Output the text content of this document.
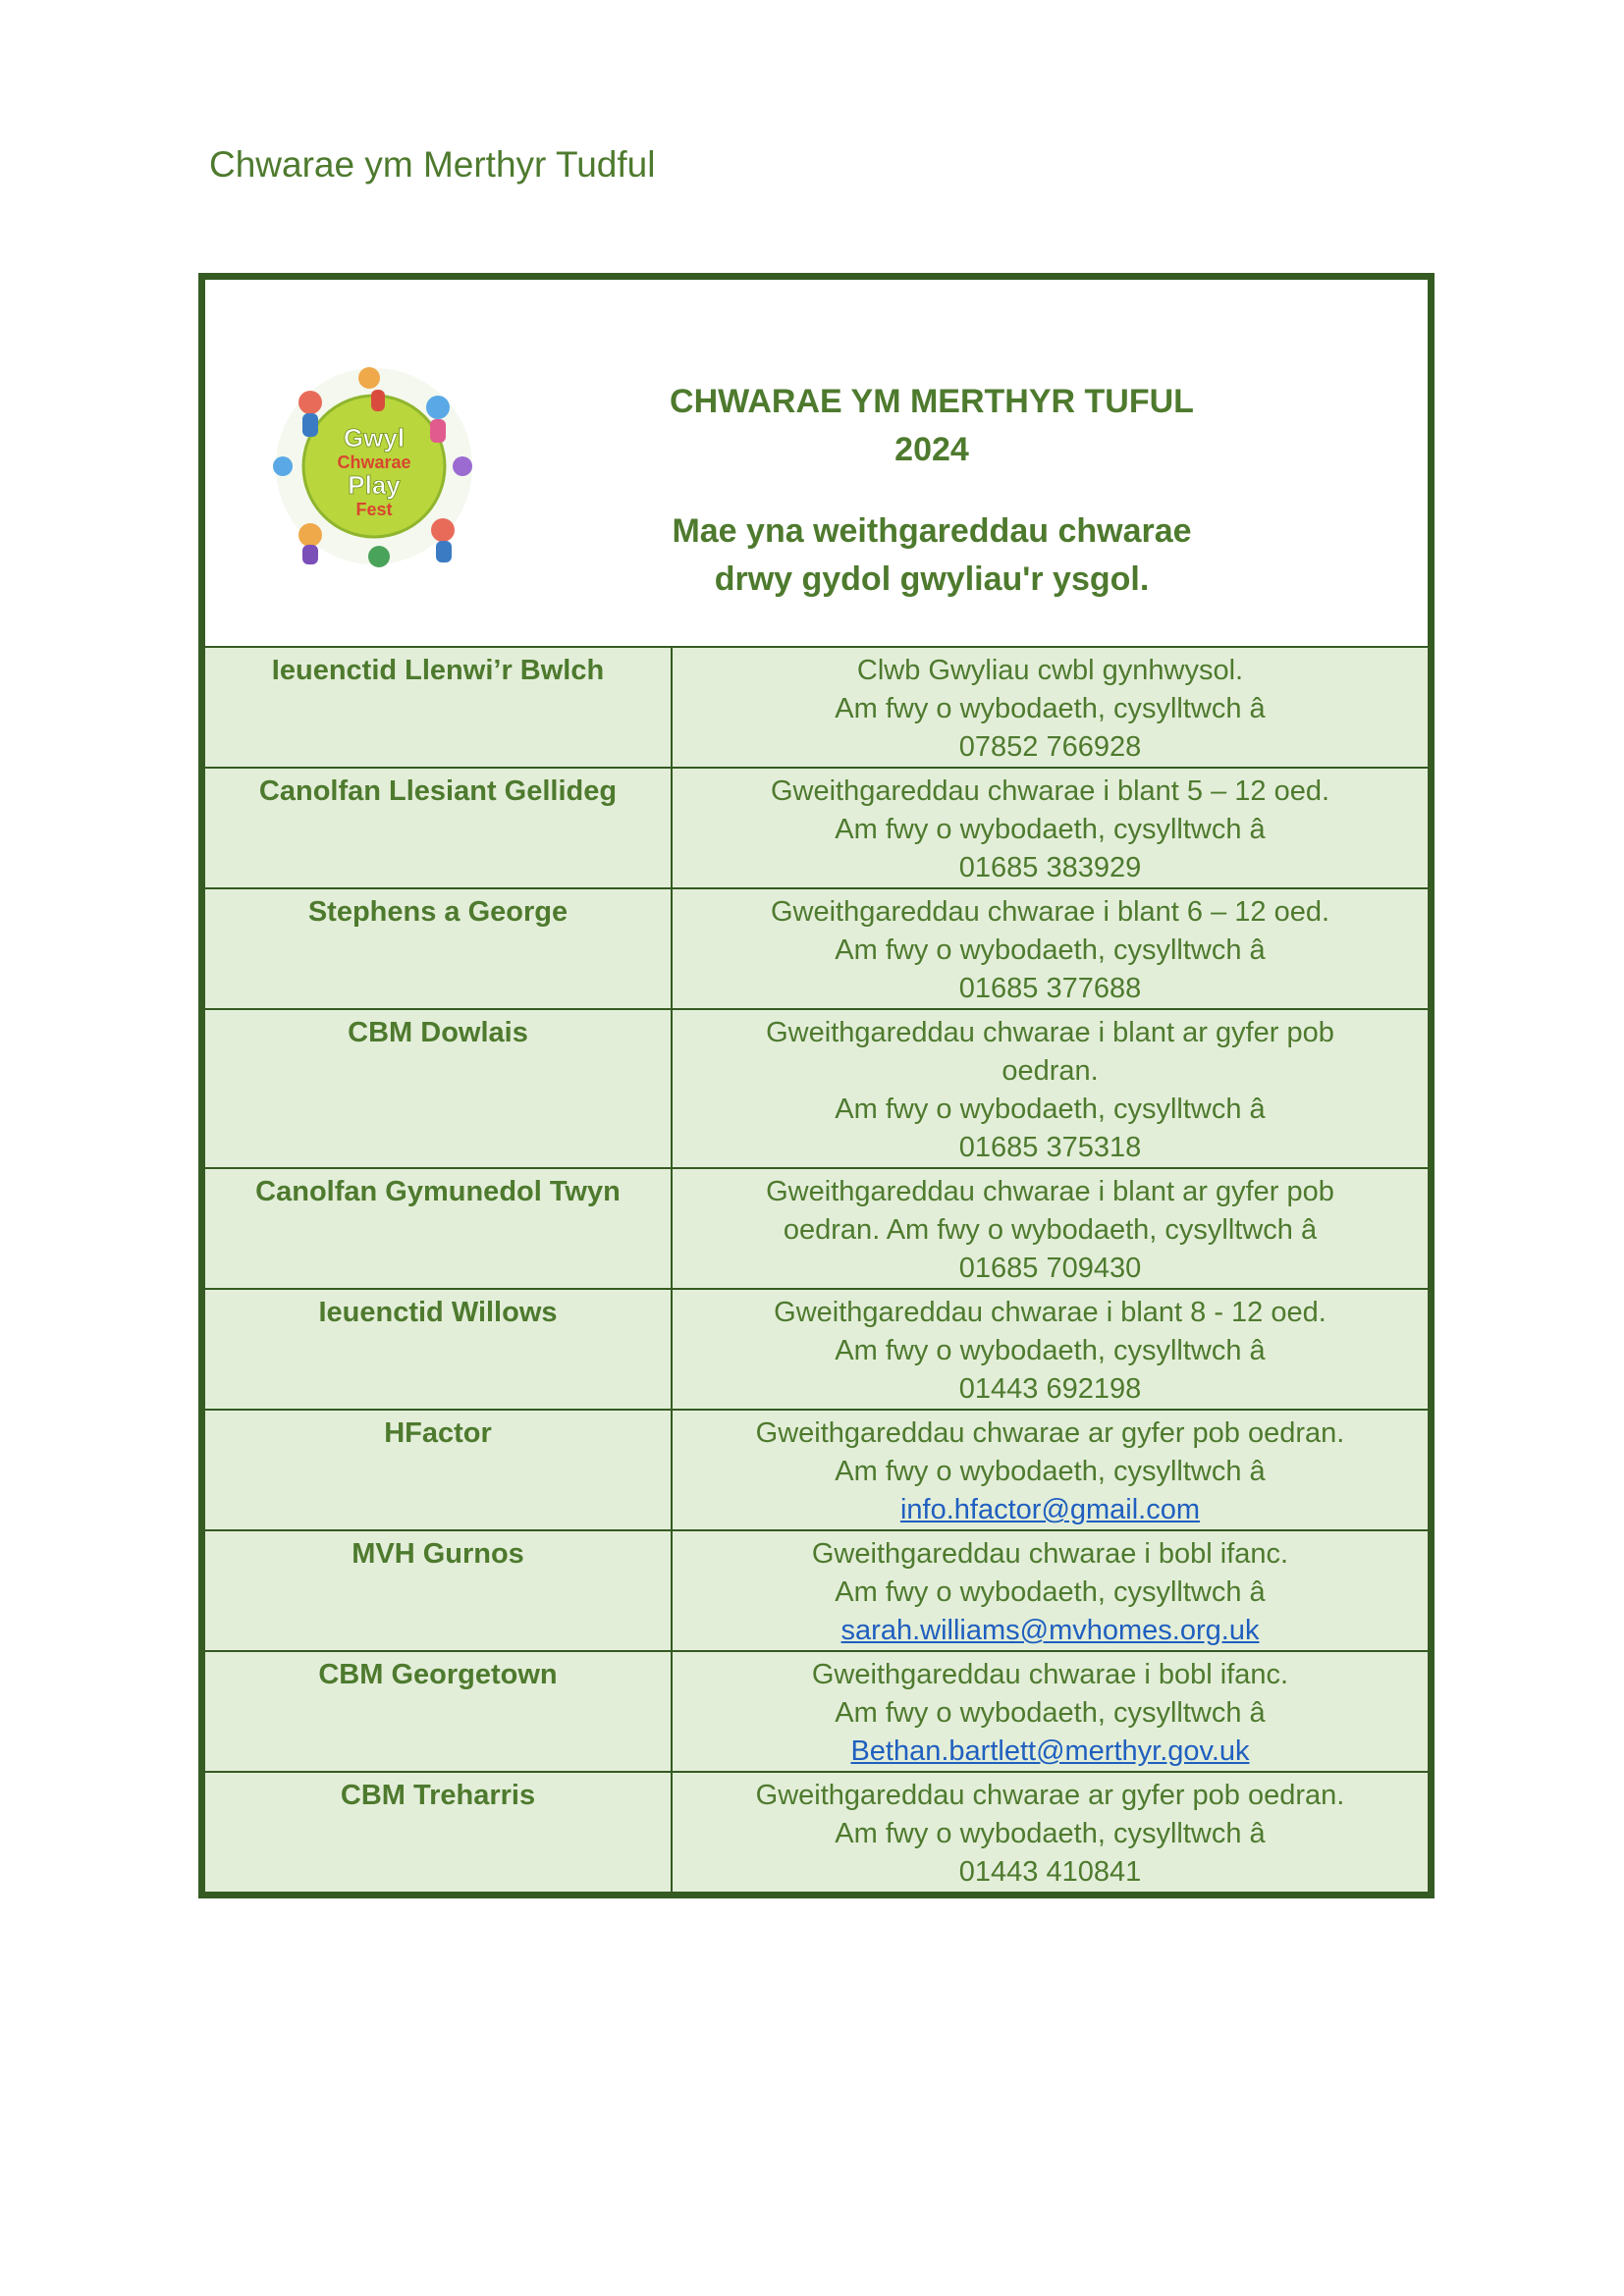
Chwarae ym Merthyr Tudful
Gwyl
Chwarae
Play
Fest

CHWARAE YM MERTHYR TUFUL
2024

Mae yna weithgareddau chwarae
drwy gydol gwyliau'r ysgol.

Ieuenctid Llenwi’r Bwlch	Clwb Gwyliau cwbl gynhwysol.
Am fwy o wybodaeth, cysylltwch â
07852 766928

Canolfan Llesiant Gellideg	Gweithgareddau chwarae i blant 5 – 12 oed.
Am fwy o wybodaeth, cysylltwch â
01685 383929

Stephens a George	Gweithgareddau chwarae i blant 6 – 12 oed.
Am fwy o wybodaeth, cysylltwch â
01685 377688

CBM Dowlais	Gweithgareddau chwarae i blant ar gyfer pob
oedran.
Am fwy o wybodaeth, cysylltwch â
01685 375318

Canolfan Gymunedol Twyn	Gweithgareddau chwarae i blant ar gyfer pob
oedran. Am fwy o wybodaeth, cysylltwch â
01685 709430

Ieuenctid Willows	Gweithgareddau chwarae i blant 8 - 12 oed.
Am fwy o wybodaeth, cysylltwch â
01443 692198

HFactor	Gweithgareddau chwarae ar gyfer pob oedran.
Am fwy o wybodaeth, cysylltwch â
info.hfactor@gmail.com

MVH Gurnos	Gweithgareddau chwarae i bobl ifanc.
Am fwy o wybodaeth, cysylltwch â
sarah.williams@mvhomes.org.uk

CBM Georgetown	Gweithgareddau chwarae i bobl ifanc.
Am fwy o wybodaeth, cysylltwch â
Bethan.bartlett@merthyr.gov.uk

CBM Treharris	Gweithgareddau chwarae ar gyfer pob oedran.
Am fwy o wybodaeth, cysylltwch â
01443 410841
